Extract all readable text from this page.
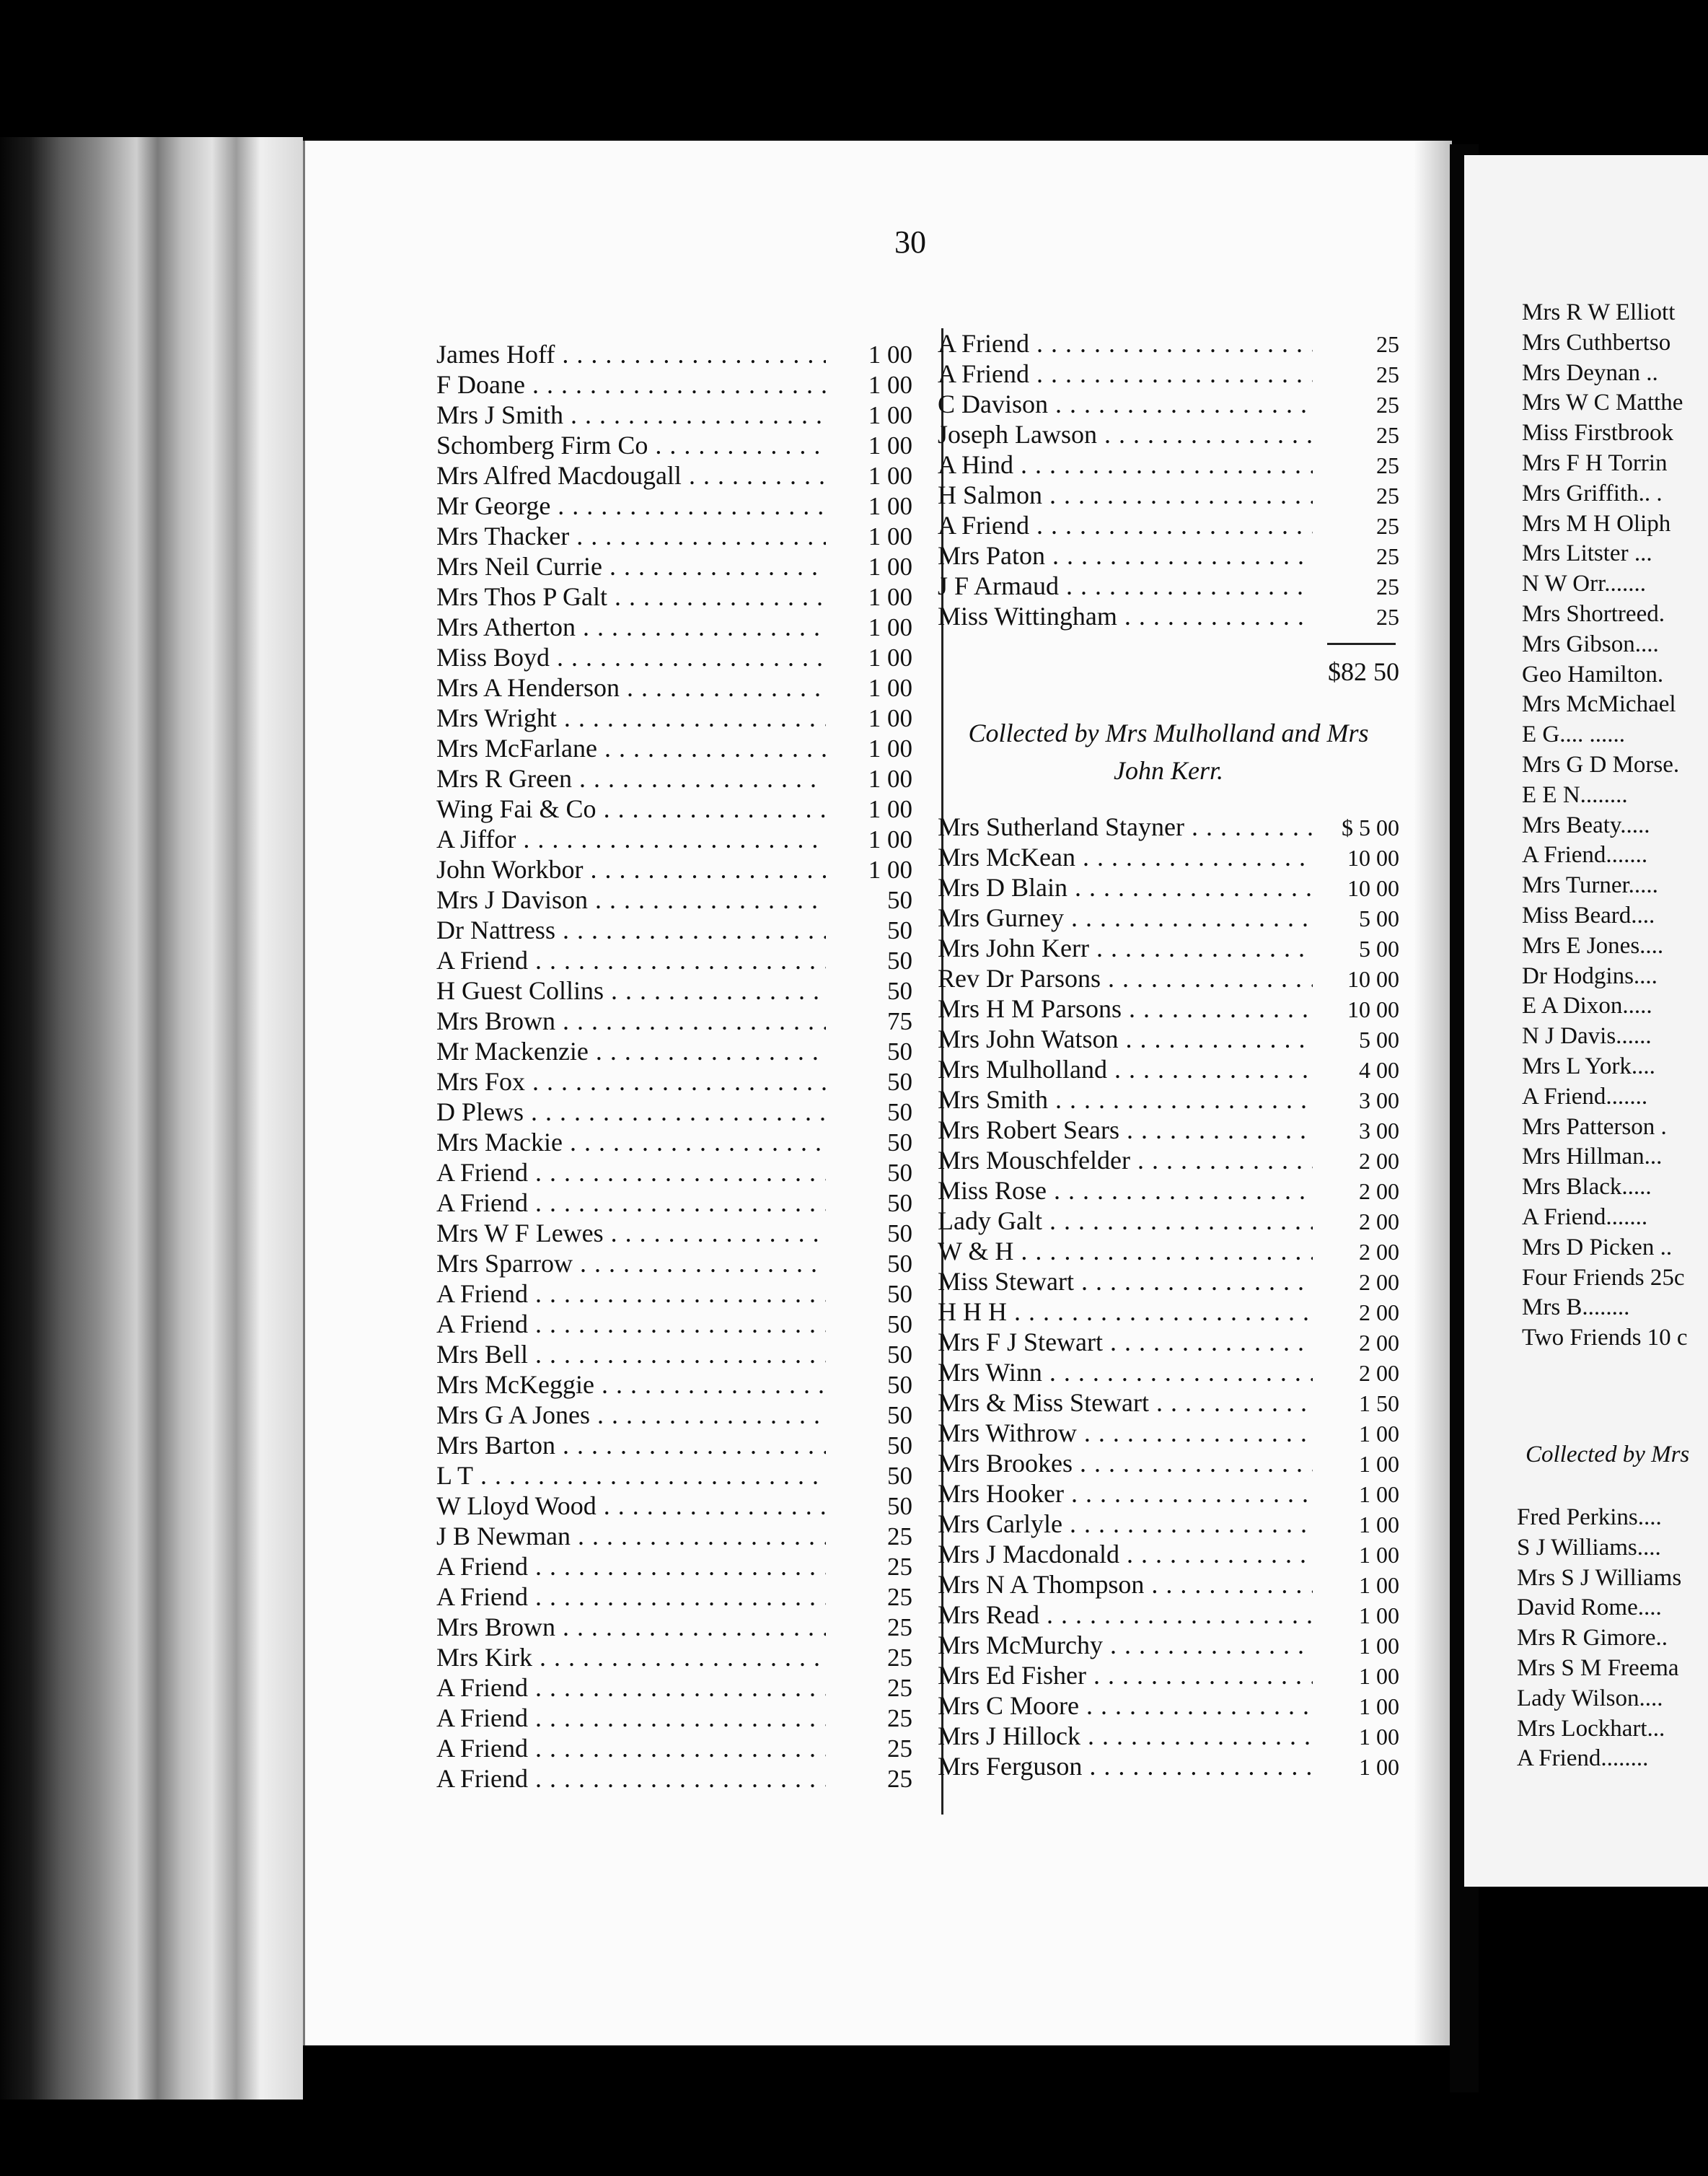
30
James Hoff . . .	1 00
F Doane . . .	1 00
Mrs J Smith . . .	1 00
Schomberg Firm Co . . .	1 00
Mrs Alfred Macdougall . . .	1 00
Mr George . . .	1 00
Mrs Thacker . . .	1 00
Mrs Neil Currie . . .	1 00
Mrs Thos P Galt . . .	1 00
Mrs Atherton . . .	1 00
Miss Boyd . . .	1 00
Mrs A Henderson . . .	1 00
Mrs Wright . . .	1 00
Mrs McFarlane . . .	1 00
Mrs R Green . . .	1 00
Wing Fai & Co . . .	1 00
A Jiffor . . .	1 00
John Workbor . . .	1 00
Mrs J Davison . . .	50
Dr Nattress . . .	50
A Friend . . .	50
H Guest Collins . . .	50
Mrs Brown . . .	75
Mr Mackenzie . . .	50
Mrs Fox . . .	50
D Plews . . .	50
Mrs Mackie . . .	50
A Friend . . .	50
A Friend . . .	50
Mrs W F Lewes . . .	50
Mrs Sparrow . . .	50
A Friend . . .	50
A Friend . . .	50
Mrs Bell . . .	50
Mrs McKeggie . . .	50
Mrs G A Jones . . .	50
Mrs Barton . . .	50
L T . . .	50
W Lloyd Wood . . .	50
J B Newman . . .	25
A Friend . . .	25
A Friend . . .	25
Mrs Brown . . .	25
Mrs Kirk . . .	25
A Friend . . .	25
A Friend . . .	25
A Friend . . .	25
A Friend . . .	25
A Friend . . .	25
A Friend . . .	25
C Davison . . .	25
Joseph Lawson . . .	25
A Hind . . .	25
H Salmon . . .	25
A Friend . . .	25
Mrs Paton . . .	25
J F Armaud . . .	25
Miss Wittingham . . .	25
$82 50
Collected by Mrs Mulholland and Mrs John Kerr.
Mrs Sutherland Stayner . . .	$ 5 00
Mrs McKean . . .	10 00
Mrs D Blain . . .	10 00
Mrs Gurney . . .	5 00
Mrs John Kerr . . .	5 00
Rev Dr Parsons . . .	10 00
Mrs H M Parsons . . .	10 00
Mrs John Watson . . .	5 00
Mrs Mulholland . . .	4 00
Mrs Smith . . .	3 00
Mrs Robert Sears . . .	3 00
Mrs Mouschfelder . . .	2 00
Miss Rose . . .	2 00
Lady Galt . . .	2 00
W & H . . .	2 00
Miss Stewart . . .	2 00
H H H . . .	2 00
Mrs F J Stewart . . .	2 00
Mrs Winn . . .	2 00
Mrs & Miss Stewart . . .	1 50
Mrs Withrow . . .	1 00
Mrs Brookes . . .	1 00
Mrs Hooker . . .	1 00
Mrs Carlyle . . .	1 00
Mrs J Macdonald . . .	1 00
Mrs N A Thompson . . .	1 00
Mrs Read . . .	1 00
Mrs McMurchy . . .	1 00
Mrs Ed Fisher . . .	1 00
Mrs C Moore . . .	1 00
Mrs J Hillock . . .	1 00
Mrs Ferguson . . .	1 00
Mrs R W Elliott
Mrs Cuthbertso
Mrs Deynan ..
Mrs W C Matthe
Miss Firstbrook
Mrs F H Torrin
Mrs Griffith.. .
Mrs M H Oliph
Mrs Litster ...
N W Orr.......
Mrs Shortreed.
Mrs Gibson....
Geo Hamilton.
Mrs McMichael
E G.... ......
Mrs G D Morse.
E E N........
Mrs Beaty.....
A Friend.......
Mrs Turner.....
Miss Beard....
Mrs E Jones....
Dr Hodgins....
E A Dixon.....
N J Davis......
Mrs L York....
A Friend.......
Mrs Patterson .
Mrs Hillman...
Mrs Black.....
A Friend.......
Mrs D Picken ..
Four Friends 25c
Mrs B........
Two Friends 10 c
Collected by Mrs
Fred Perkins....
S J Williams....
Mrs S J Williams
David Rome....
Mrs R Gimore..
Mrs S M Freema
Lady Wilson....
Mrs Lockhart...
A Friend........
